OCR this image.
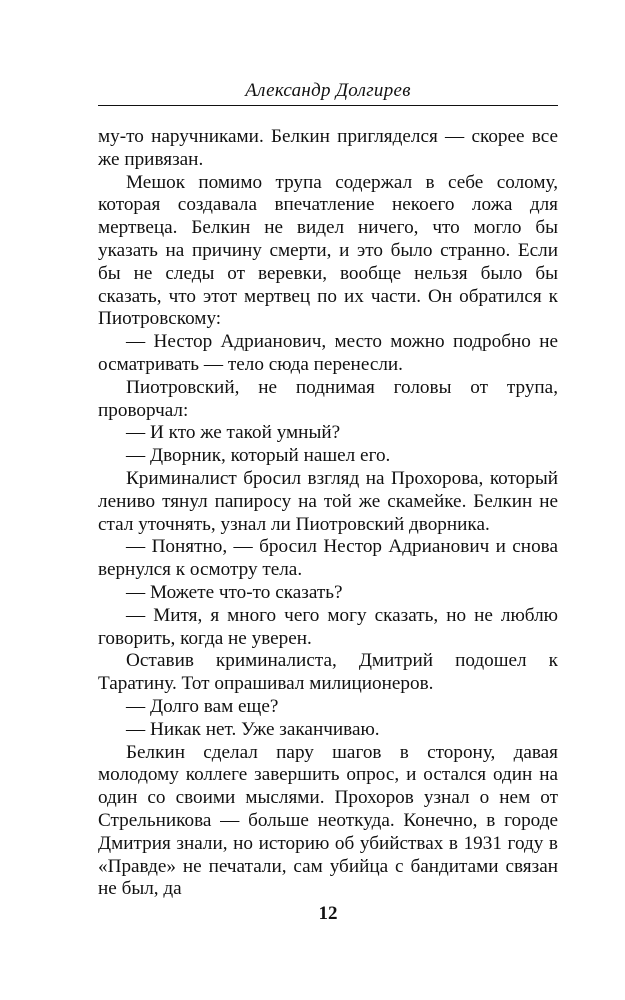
Александр Долгирев

му-то наручниками. Белкин пригляделся — скорее все же привязан.

Мешок помимо трупа содержал в себе солому, которая создавала впечатление некоего ложа для мертвеца. Белкин не видел ничего, что могло бы указать на причину смерти, и это было странно. Если бы не следы от веревки, вообще нельзя было бы сказать, что этот мертвец по их части. Он обратился к Пиотровскому:

— Нестор Адрианович, место можно подробно не осматривать — тело сюда перенесли.

Пиотровский, не поднимая головы от трупа, проворчал:

— И кто же такой умный?

— Дворник, который нашел его.

Криминалист бросил взгляд на Прохорова, который лениво тянул папиросу на той же скамейке. Белкин не стал уточнять, узнал ли Пиотровский дворника.

— Понятно, — бросил Нестор Адрианович и снова вернулся к осмотру тела.

— Можете что-то сказать?

— Митя, я много чего могу сказать, но не люблю говорить, когда не уверен.

Оставив криминалиста, Дмитрий подошел к Таратину. Тот опрашивал милиционеров.

— Долго вам еще?

— Никак нет. Уже заканчиваю.

Белкин сделал пару шагов в сторону, давая молодому коллеге завершить опрос, и остался один на один со своими мыслями. Прохоров узнал о нем от Стрельникова — больше неоткуда. Конечно, в городе Дмитрия знали, но историю об убийствах в 1931 году в «Правде» не печатали, сам убийца с бандитами связан не был, да

12
